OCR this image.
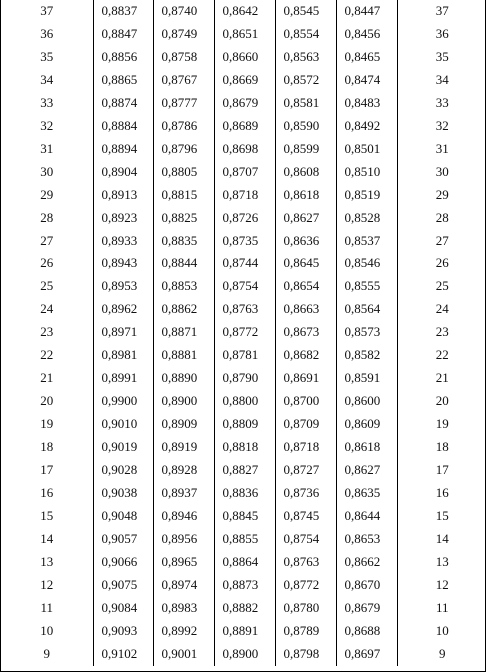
37	0,8837	0,8740	0,8642	0,8545	0,8447	37
36	0,8847	0,8749	0,8651	0,8554	0,8456	36
35	0,8856	0,8758	0,8660	0,8563	0,8465	35
34	0,8865	0,8767	0,8669	0,8572	0,8474	34
33	0,8874	0,8777	0,8679	0,8581	0,8483	33
32	0,8884	0,8786	0,8689	0,8590	0,8492	32
31	0,8894	0,8796	0,8698	0,8599	0,8501	31
30	0,8904	0,8805	0,8707	0,8608	0,8510	30
29	0,8913	0,8815	0,8718	0,8618	0,8519	29
28	0,8923	0,8825	0,8726	0,8627	0,8528	28
27	0,8933	0,8835	0,8735	0,8636	0,8537	27
26	0,8943	0,8844	0,8744	0,8645	0,8546	26
25	0,8953	0,8853	0,8754	0,8654	0,8555	25
24	0,8962	0,8862	0,8763	0,8663	0,8564	24
23	0,8971	0,8871	0,8772	0,8673	0,8573	23
22	0,8981	0,8881	0,8781	0,8682	0,8582	22
21	0,8991	0,8890	0,8790	0,8691	0,8591	21
20	0,9900	0,8900	0,8800	0,8700	0,8600	20
19	0,9010	0,8909	0,8809	0,8709	0,8609	19
18	0,9019	0,8919	0,8818	0,8718	0,8618	18
17	0,9028	0,8928	0,8827	0,8727	0,8627	17
16	0,9038	0,8937	0,8836	0,8736	0,8635	16
15	0,9048	0,8946	0,8845	0,8745	0,8644	15
14	0,9057	0,8956	0,8855	0,8754	0,8653	14
13	0,9066	0,8965	0,8864	0,8763	0,8662	13
12	0,9075	0,8974	0,8873	0,8772	0,8670	12
11	0,9084	0,8983	0,8882	0,8780	0,8679	11
10	0,9093	0,8992	0,8891	0,8789	0,8688	10
9	0,9102	0,9001	0,8900	0,8798	0,8697	9
